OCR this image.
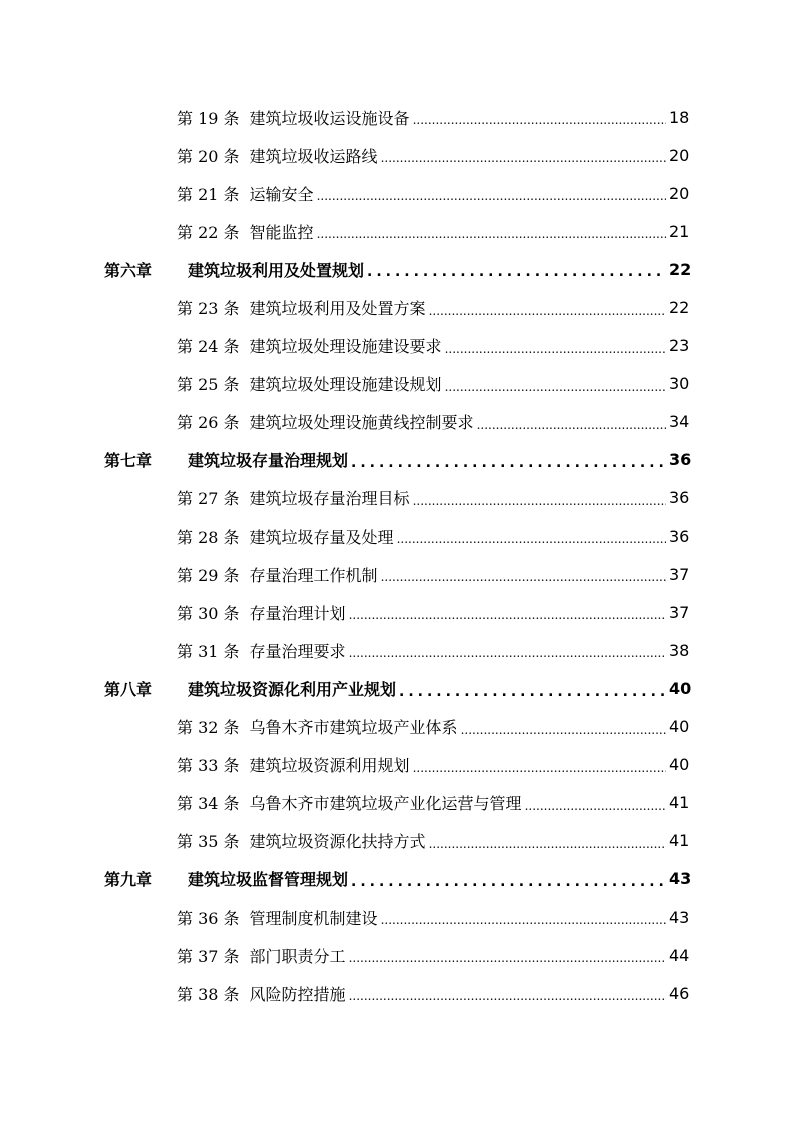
第 19 条 建筑垃圾收运设施设备 .....	18
第 20 条 建筑垃圾收运路线 .....	20
第 21 条 运输安全 .....	20
第 22 条 智能监控 .....	21
第六章	建筑垃圾利用及处置规划 .....	22
第 23 条 建筑垃圾利用及处置方案 .....	22
第 24 条 建筑垃圾处理设施建设要求 .....	23
第 25 条 建筑垃圾处理设施建设规划 .....	30
第 26 条 建筑垃圾处理设施黄线控制要求 .....	34
第七章	建筑垃圾存量治理规划 .....	36
第 27 条 建筑垃圾存量治理目标 .....	36
第 28 条 建筑垃圾存量及处理 .....	36
第 29 条 存量治理工作机制 .....	37
第 30 条 存量治理计划 .....	37
第 31 条 存量治理要求 .....	38
第八章	建筑垃圾资源化利用产业规划 .....	40
第 32 条 乌鲁木齐市建筑垃圾产业体系 .....	40
第 33 条 建筑垃圾资源利用规划 .....	40
第 34 条 乌鲁木齐市建筑垃圾产业化运营与管理 .....	41
第 35 条 建筑垃圾资源化扶持方式 .....	41
第九章	建筑垃圾监督管理规划 .....	43
第 36 条 管理制度机制建设 .....	43
第 37 条 部门职责分工 .....	44
第 38 条 风险防控措施 .....	46
